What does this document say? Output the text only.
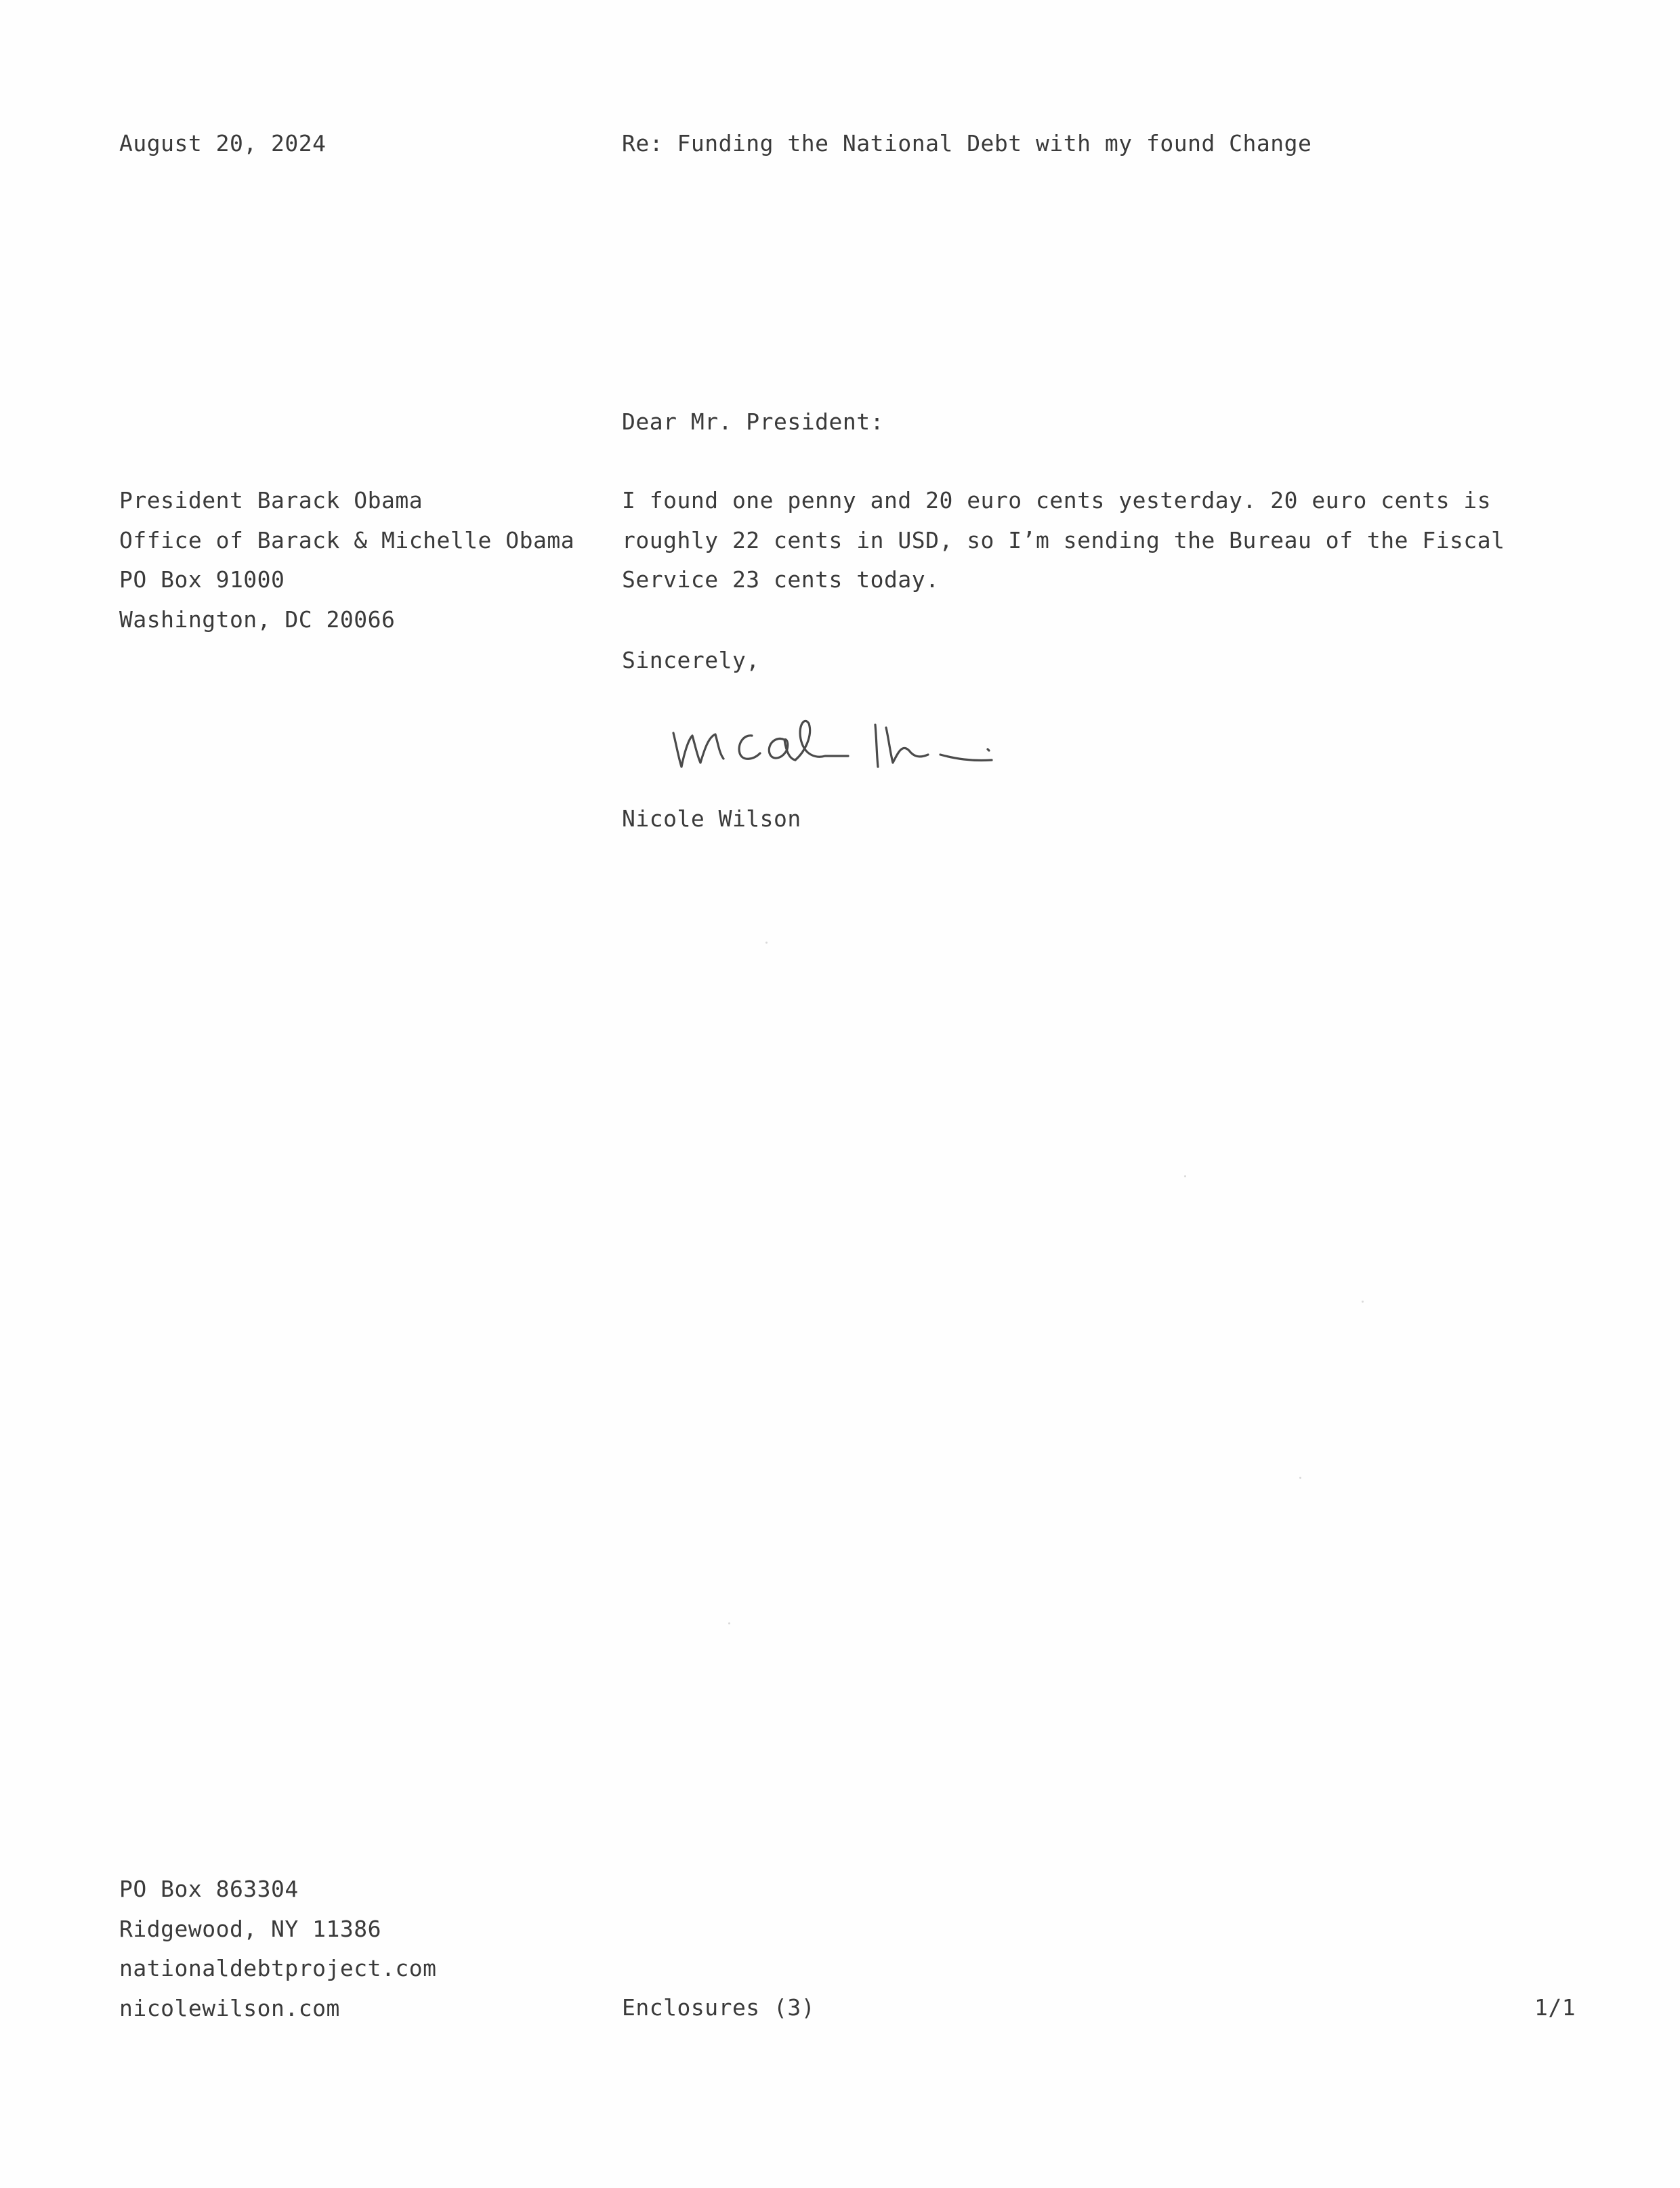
August 20, 2024	Re: Funding the National Debt with my found Change
Dear Mr. President:
President Barack Obama
Office of Barack & Michelle Obama
PO Box 91000
Washington, DC 20066
I found one penny and 20 euro cents yesterday. 20 euro cents is
roughly 22 cents in USD, so I’m sending the Bureau of the Fiscal
Service 23 cents today.
Sincerely,
Nicole Wilson
PO Box 863304
Ridgewood, NY 11386
nationaldebtproject.com
nicolewilson.com	Enclosures (3)	1/1
